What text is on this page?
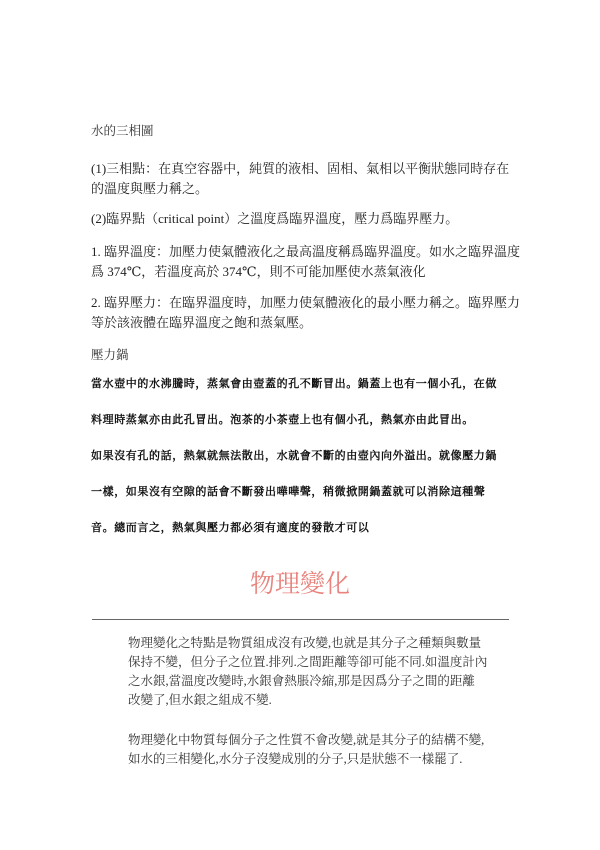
水的三相圖
(1)三相點：在真空容器中，純質的液相、固相、氣相以平衡狀態同時存在的溫度與壓力稱之。
(2)臨界點（critical point）之溫度爲臨界溫度，壓力爲臨界壓力。
1. 臨界溫度：加壓力使氣體液化之最高溫度稱爲臨界溫度。如水之臨界溫度爲 374℃，若溫度高於 374℃，則不可能加壓使水蒸氣液化
2. 臨界壓力：在臨界溫度時，加壓力使氣體液化的最小壓力稱之。臨界壓力等於該液體在臨界溫度之飽和蒸氣壓。
壓力鍋
當水壺中的水沸騰時，蒸氣會由壺蓋的孔不斷冒出。鍋蓋上也有一個小孔，在做
料理時蒸氣亦由此孔冒出。泡茶的小茶壺上也有個小孔，熱氣亦由此冒出。
如果沒有孔的話，熱氣就無法散出，水就會不斷的由壺內向外溢出。就像壓力鍋
一樣，如果沒有空隙的話會不斷發出嘩嘩聲，稍微掀開鍋蓋就可以消除這種聲
音。總而言之，熱氣與壓力都必須有適度的發散才可以
物理變化
物理變化之特點是物質組成沒有改變,也就是其分子之種類與數量
保持不變，但分子之位置.排列.之間距離等卻可能不同.如溫度計內
之水銀,當溫度改變時,水銀會熱脹冷縮,那是因爲分子之間的距離
改變了,但水銀之組成不變.
物理變化中物質每個分子之性質不會改變,就是其分子的結構不變,
如水的三相變化,水分子沒變成別的分子,只是狀態不一樣罷了.
